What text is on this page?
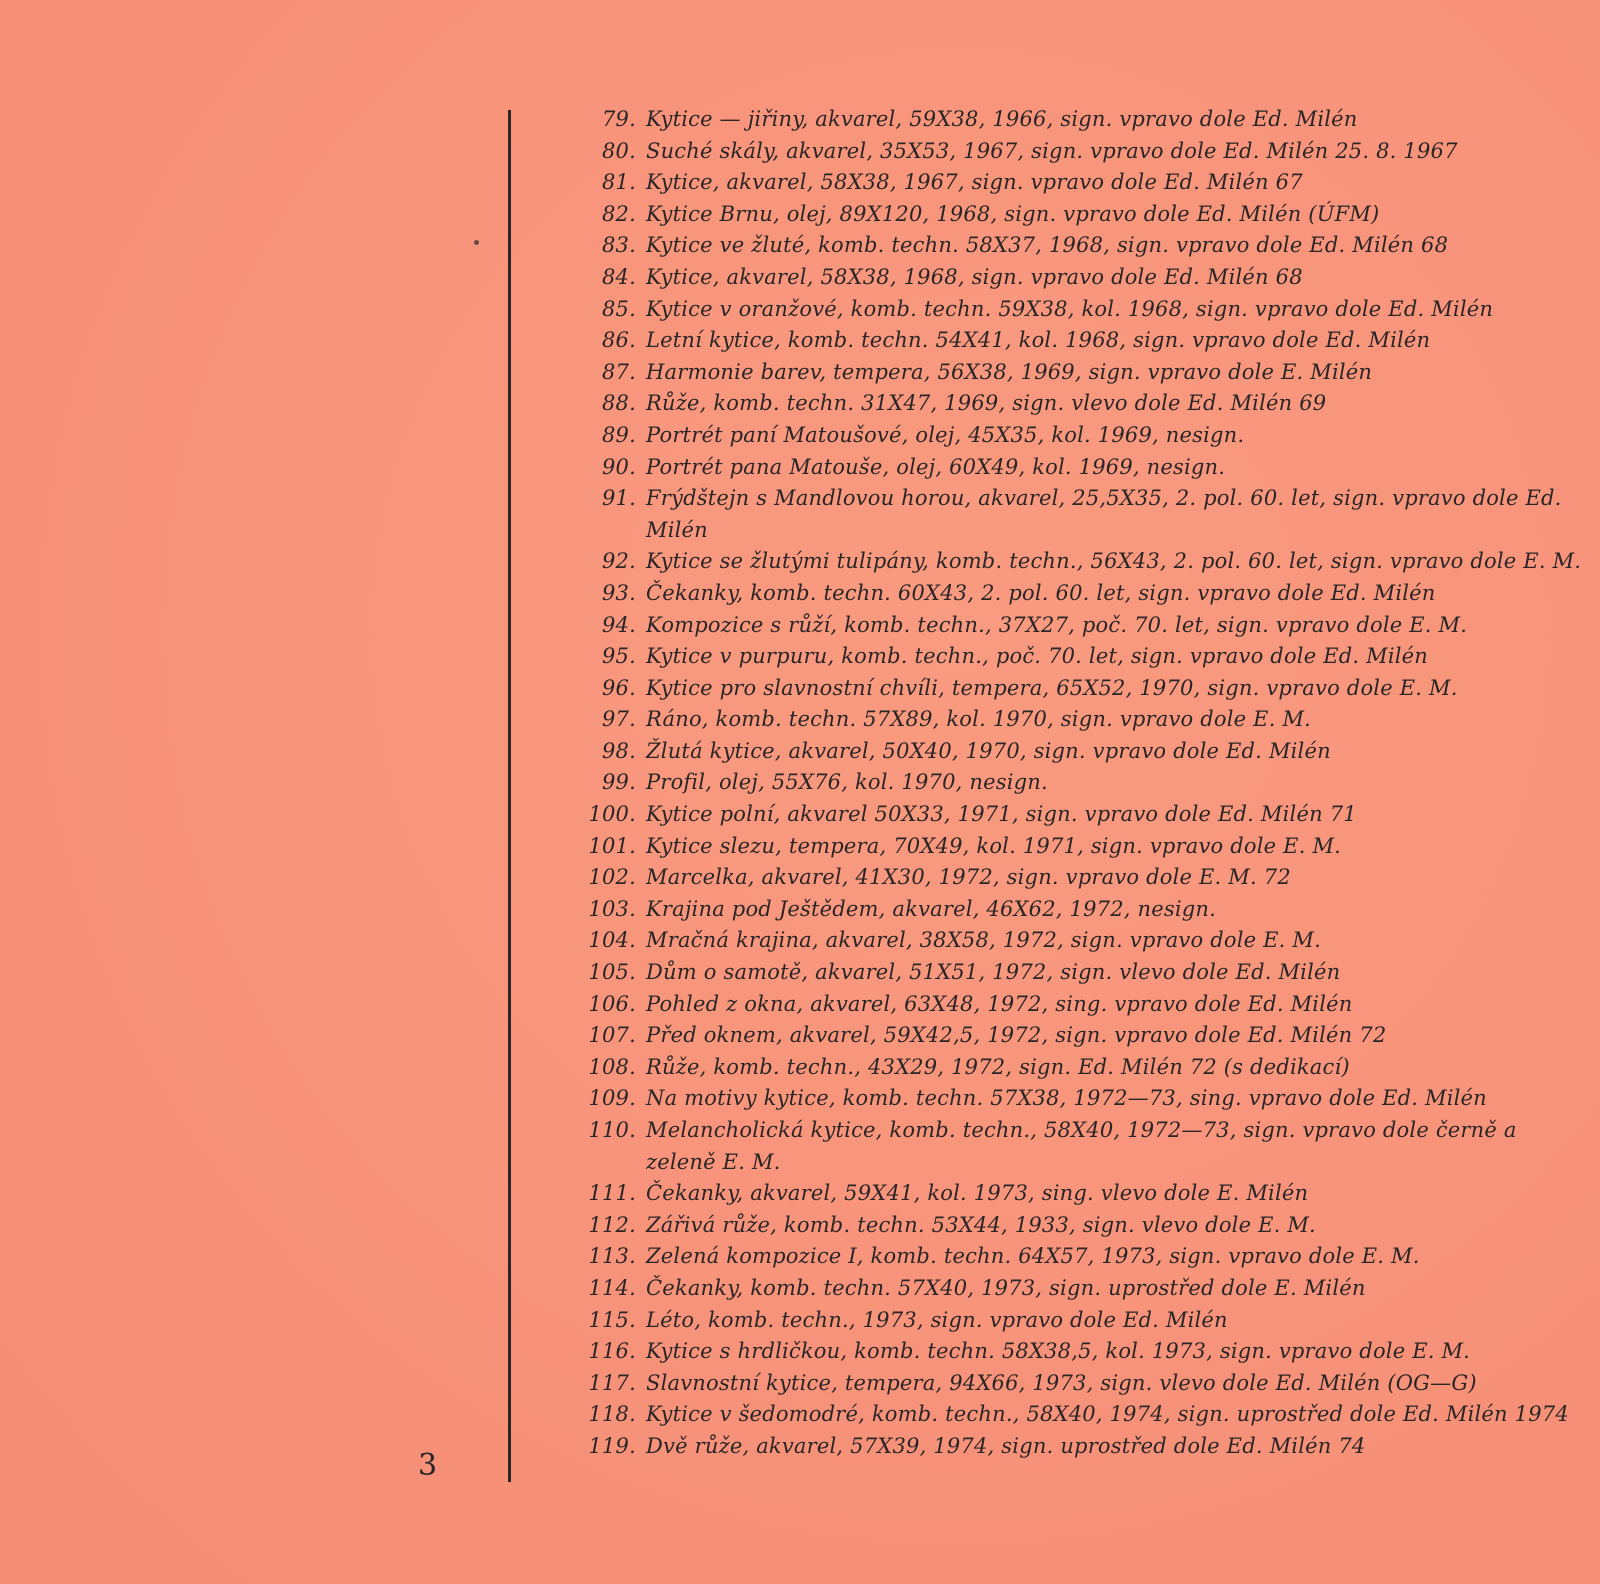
3
79. Kytice — jiřiny, akvarel, 59X38, 1966, sign. vpravo dole Ed. Milén
80. Suché skály, akvarel, 35X53, 1967, sign. vpravo dole Ed. Milén 25. 8. 1967
81. Kytice, akvarel, 58X38, 1967, sign. vpravo dole Ed. Milén 67
82. Kytice Brnu, olej, 89X120, 1968, sign. vpravo dole Ed. Milén (ÚFM)
83. Kytice ve žluté, komb. techn. 58X37, 1968, sign. vpravo dole Ed. Milén 68
84. Kytice, akvarel, 58X38, 1968, sign. vpravo dole Ed. Milén 68
85. Kytice v oranžové, komb. techn. 59X38, kol. 1968, sign. vpravo dole Ed. Milén
86. Letní kytice, komb. techn. 54X41, kol. 1968, sign. vpravo dole Ed. Milén
87. Harmonie barev, tempera, 56X38, 1969, sign. vpravo dole E. Milén
88. Růže, komb. techn. 31X47, 1969, sign. vlevo dole Ed. Milén 69
89. Portrét paní Matoušové, olej, 45X35, kol. 1969, nesign.
90. Portrét pana Matouše, olej, 60X49, kol. 1969, nesign.
91. Frýdštejn s Mandlovou horou, akvarel, 25,5X35, 2. pol. 60. let, sign. vpravo dole Ed. Milén
92. Kytice se žlutými tulipány, komb. techn., 56X43, 2. pol. 60. let, sign. vpravo dole E. M.
93. Čekanky, komb. techn. 60X43, 2. pol. 60. let, sign. vpravo dole Ed. Milén
94. Kompozice s růží, komb. techn., 37X27, poč. 70. let, sign. vpravo dole E. M.
95. Kytice v purpuru, komb. techn., poč. 70. let, sign. vpravo dole Ed. Milén
96. Kytice pro slavnostní chvíli, tempera, 65X52, 1970, sign. vpravo dole E. M.
97. Ráno, komb. techn. 57X89, kol. 1970, sign. vpravo dole E. M.
98. Žlutá kytice, akvarel, 50X40, 1970, sign. vpravo dole Ed. Milén
99. Profil, olej, 55X76, kol. 1970, nesign.
100. Kytice polní, akvarel 50X33, 1971, sign. vpravo dole Ed. Milén 71
101. Kytice slezu, tempera, 70X49, kol. 1971, sign. vpravo dole E. M.
102. Marcelka, akvarel, 41X30, 1972, sign. vpravo dole E. M. 72
103. Krajina pod Ještědem, akvarel, 46X62, 1972, nesign.
104. Mračná krajina, akvarel, 38X58, 1972, sign. vpravo dole E. M.
105. Dům o samotě, akvarel, 51X51, 1972, sign. vlevo dole Ed. Milén
106. Pohled z okna, akvarel, 63X48, 1972, sing. vpravo dole Ed. Milén
107. Před oknem, akvarel, 59X42,5, 1972, sign. vpravo dole Ed. Milén 72
108. Růže, komb. techn., 43X29, 1972, sign. Ed. Milén 72 (s dedikací)
109. Na motivy kytice, komb. techn. 57X38, 1972—73, sing. vpravo dole Ed. Milén
110. Melancholická kytice, komb. techn., 58X40, 1972—73, sign. vpravo dole černě a zeleně E. M.
111. Čekanky, akvarel, 59X41, kol. 1973, sing. vlevo dole E. Milén
112. Zářivá růže, komb. techn. 53X44, 1933, sign. vlevo dole E. M.
113. Zelená kompozice I, komb. techn. 64X57, 1973, sign. vpravo dole E. M.
114. Čekanky, komb. techn. 57X40, 1973, sign. uprostřed dole E. Milén
115. Léto, komb. techn., 1973, sign. vpravo dole Ed. Milén
116. Kytice s hrdličkou, komb. techn. 58X38,5, kol. 1973, sign. vpravo dole E. M.
117. Slavnostní kytice, tempera, 94X66, 1973, sign. vlevo dole Ed. Milén (OG—G)
118. Kytice v šedomodré, komb. techn., 58X40, 1974, sign. uprostřed dole Ed. Milén 1974
119. Dvě růže, akvarel, 57X39, 1974, sign. uprostřed dole Ed. Milén 74
